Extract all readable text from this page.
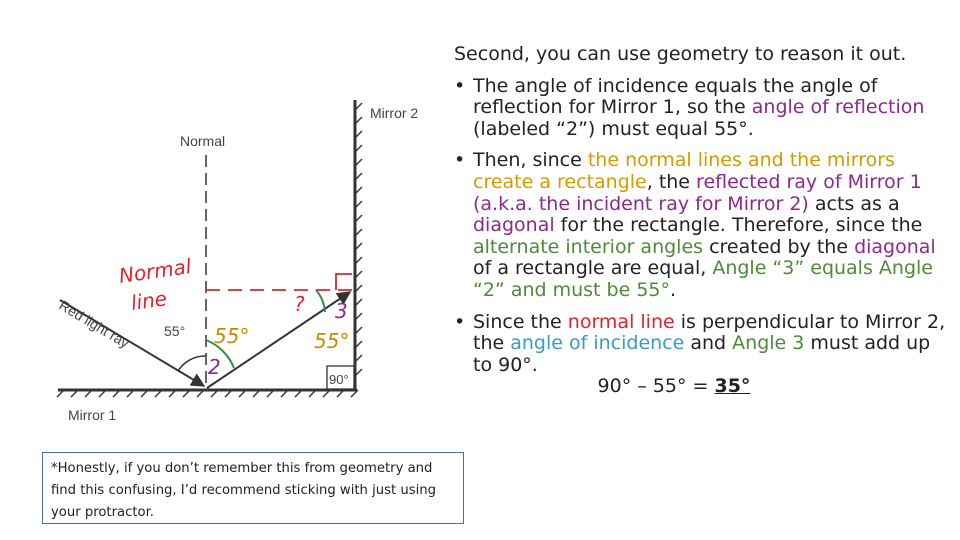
Mirror 2
Mirror 1
Normal
Red light ray 55°
90°
Normal
line
55°
2
? 3
55°
*Honestly, if you don’t remember this from geometry and find this confusing, I’d recommend sticking with just using your protractor.

Second, you can use geometry to reason it out.

• The angle of incidence equals the angle of reflection for Mirror 1, so the angle of reflection (labeled “2”) must equal 55°.
• Then, since the normal lines and the mirrors create a rectangle, the reflected ray of Mirror 1 (a.k.a. the incident ray for Mirror 2) acts as a diagonal for the rectangle. Therefore, since the alternate interior angles created by the diagonal of a rectangle are equal, Angle “3” equals Angle “2” and must be 55°.
• Since the normal line is perpendicular to Mirror 2, the angle of incidence and Angle 3 must add up to 90°.

90° – 55° = 35°
